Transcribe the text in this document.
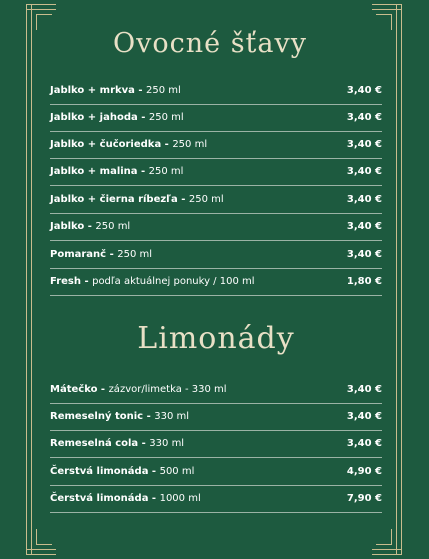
Ovocné šťavy
Jablko + mrkva - 250 ml	3,40 €
Jablko + jahoda - 250 ml	3,40 €
Jablko + čučoriedka - 250 ml	3,40 €
Jablko + malina - 250 ml	3,40 €
Jablko + čierna ríbezľa - 250 ml	3,40 €
Jablko - 250 ml	3,40 €
Pomaranč - 250 ml	3,40 €
Fresh - podľa aktuálnej ponuky / 100 ml	1,80 €
Limonády
Mátečko - zázvor/limetka - 330 ml	3,40 €
Remeselný tonic - 330 ml	3,40 €
Remeselná cola - 330 ml	3,40 €
Čerstvá limonáda - 500 ml	4,90 €
Čerstvá limonáda - 1000 ml	7,90 €
